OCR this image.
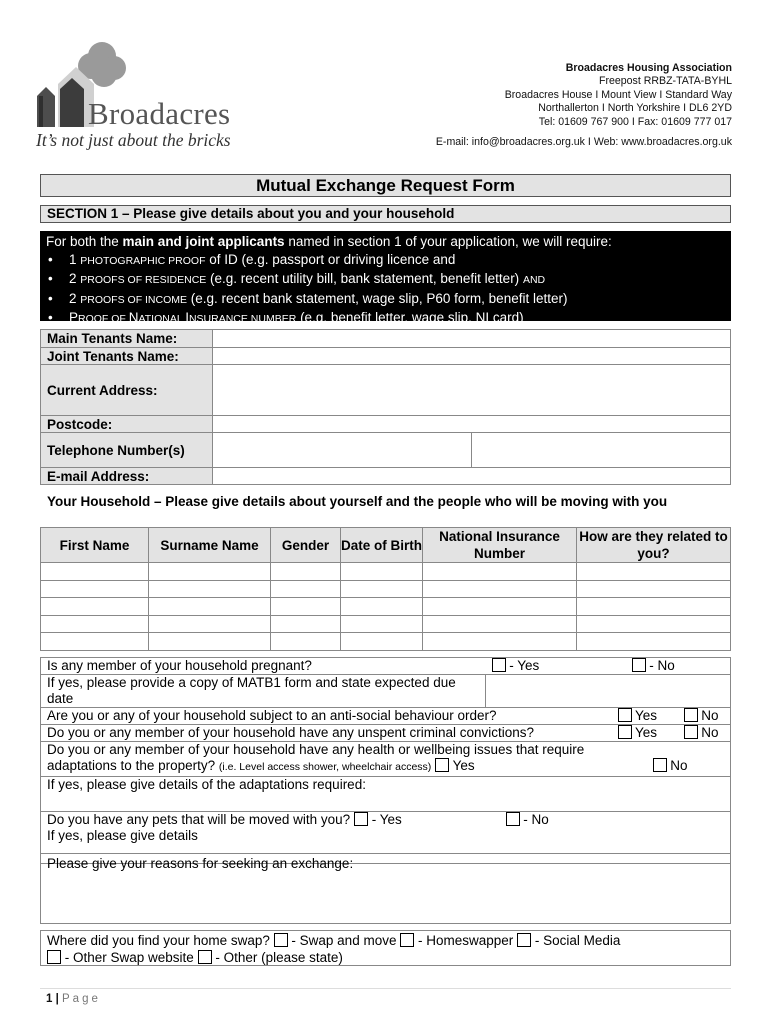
Broadacres
It’s not just about the bricks
Broadacres Housing Association
Freepost RRBZ-TATA-BYHL
Broadacres House I Mount View I Standard Way
Northallerton I North Yorkshire I DL6 2YD
Tel: 01609 767 900 I Fax: 01609 777 017
E-mail: info@broadacres.org.uk I Web: www.broadacres.org.uk
Mutual Exchange Request Form
SECTION 1 – Please give details about you and your household
For both the main and joint applicants named in section 1 of your application, we will require:
• 1 PHOTOGRAPHIC PROOF of ID (e.g. passport or driving licence and
• 2 PROOFS OF RESIDENCE (e.g. recent utility bill, bank statement, benefit letter) AND
• 2 PROOFS OF INCOME (e.g. recent bank statement, wage slip, P60 form, benefit letter)
• PROOF OF NATIONAL INSURANCE NUMBER (e.g. benefit letter, wage slip, NI card)
Main Tenants Name:		
Joint Tenants Name:		
Current Address:		
Postcode:		
Telephone Number(s)		
E-mail Address:		
Your Household – Please give details about yourself and the people who will be moving with you
First Name	Surname Name	Gender	Date of Birth	National Insurance Number	How are they related to you?

Is any member of your household pregnant?	- Yes - No
If yes, please provide a copy of MATB1 form and state expected due date	
Are you or any of your household subject to an anti-social behaviour order? Yes No	

Do you or any member of your household have any unspent criminal convictions? Yes No	

Do you or any member of your household have any health or wellbeing issues that require
adaptations to the property? (i.e. Level access shower, wheelchair access) Yes No	

If yes, please give details of the adaptations required:	

Do you have any pets that will be moved with you? - Yes - No
If yes, please give details	
Please give your reasons for seeking an exchange:
Where did you find your home swap? - Swap and move - Homeswapper - Social Media
- Other Swap website - Other (please state)
1 | Page
